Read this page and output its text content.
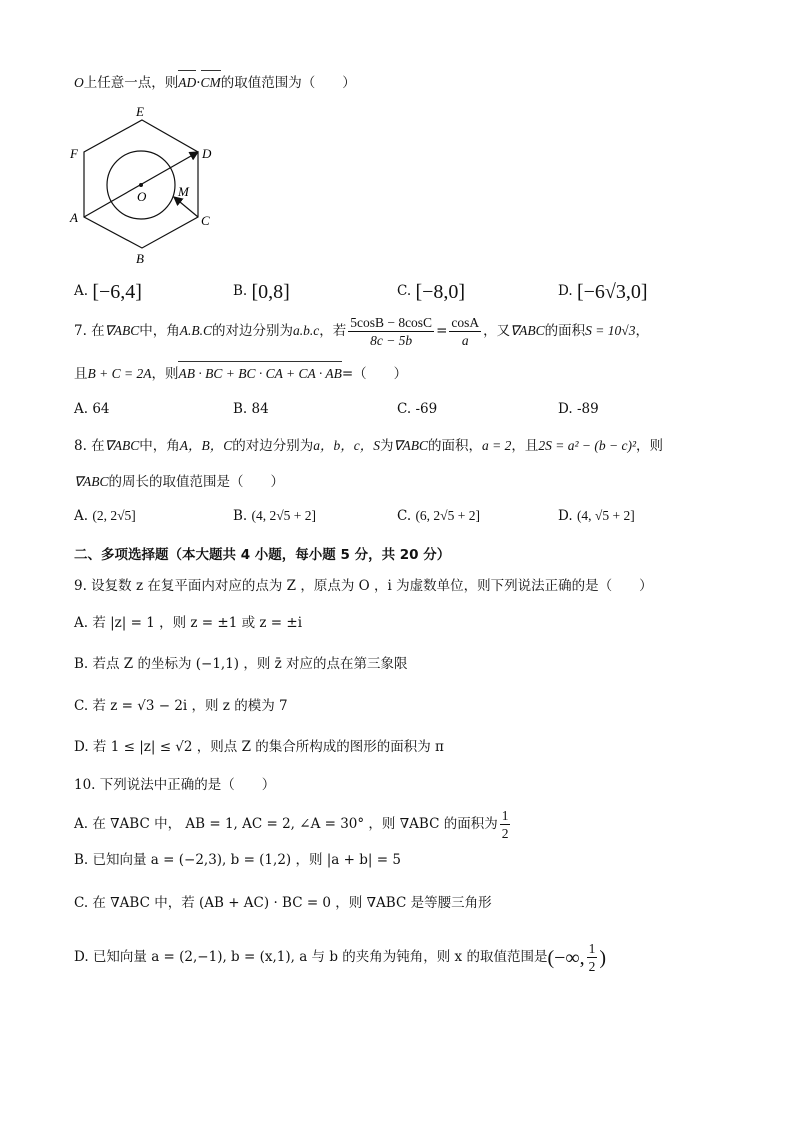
O上任意一点，则AD·CM的取值范围为（　　）
E
F	D
A	C
B
O M
A. [−6,4]	B. [0,8]	C. [−8,0]	D. [−6√3,0]
7. 在∇ABC中，角A.B.C的对边分别为a.b.c，若 $\frac{5\cos B - 8\cos C}{8c - 5b} = \frac{\cos A}{a}$ ，又∇ABC的面积S = 10√3，
且B + C = 2A，则AB · BC + BC · CA + CA · AB=（　　）
A. 64	B. 84	C. -69	D. -89
8. 在∇ABC中，角A，B，C的对边分别为a，b，c，S为∇ABC的面积，a = 2，且2S = a² − (b − c)²，则
∇ABC的周长的取值范围是（　　）
A. (2, 2√5]	B. (4, 2√5 + 2]	C. (6, 2√5 + 2]	D. (4, √5 + 2]
二、多项选择题（本大题共 4 小题，每小题 5 分，共 20 分）
9. 设复数 z 在复平面内对应的点为 Z ，原点为 O ，i 为虚数单位，则下列说法正确的是（　　）
A. 若 |z| = 1 ，则 z = ±1 或 z = ±i
B. 若点 Z 的坐标为 (−1,1) ，则 z̄ 对应的点在第三象限
C. 若 z = √3 − 2i ，则 z 的模为 7
D. 若 1 ≤ |z| ≤ √2 ，则点 Z 的集合所构成的图形的面积为 π
10. 下列说法中正确的是（　　）
A. 在 ∇ABC 中， AB = 1, AC = 2, ∠A = 30° ，则 ∇ABC 的面积为 $\frac{1}{2}$
B. 已知向量 a = (−2,3), b = (1,2) ，则 |a + b| = 5
C. 在 ∇ABC 中，若 (AB + AC) · BC = 0 ，则 ∇ABC 是等腰三角形
D. 已知向量 a = (2,−1), b = (x,1), a 与 b 的夹角为钝角，则 x 的取值范围是(−∞, $\frac{1}{2}$ )
